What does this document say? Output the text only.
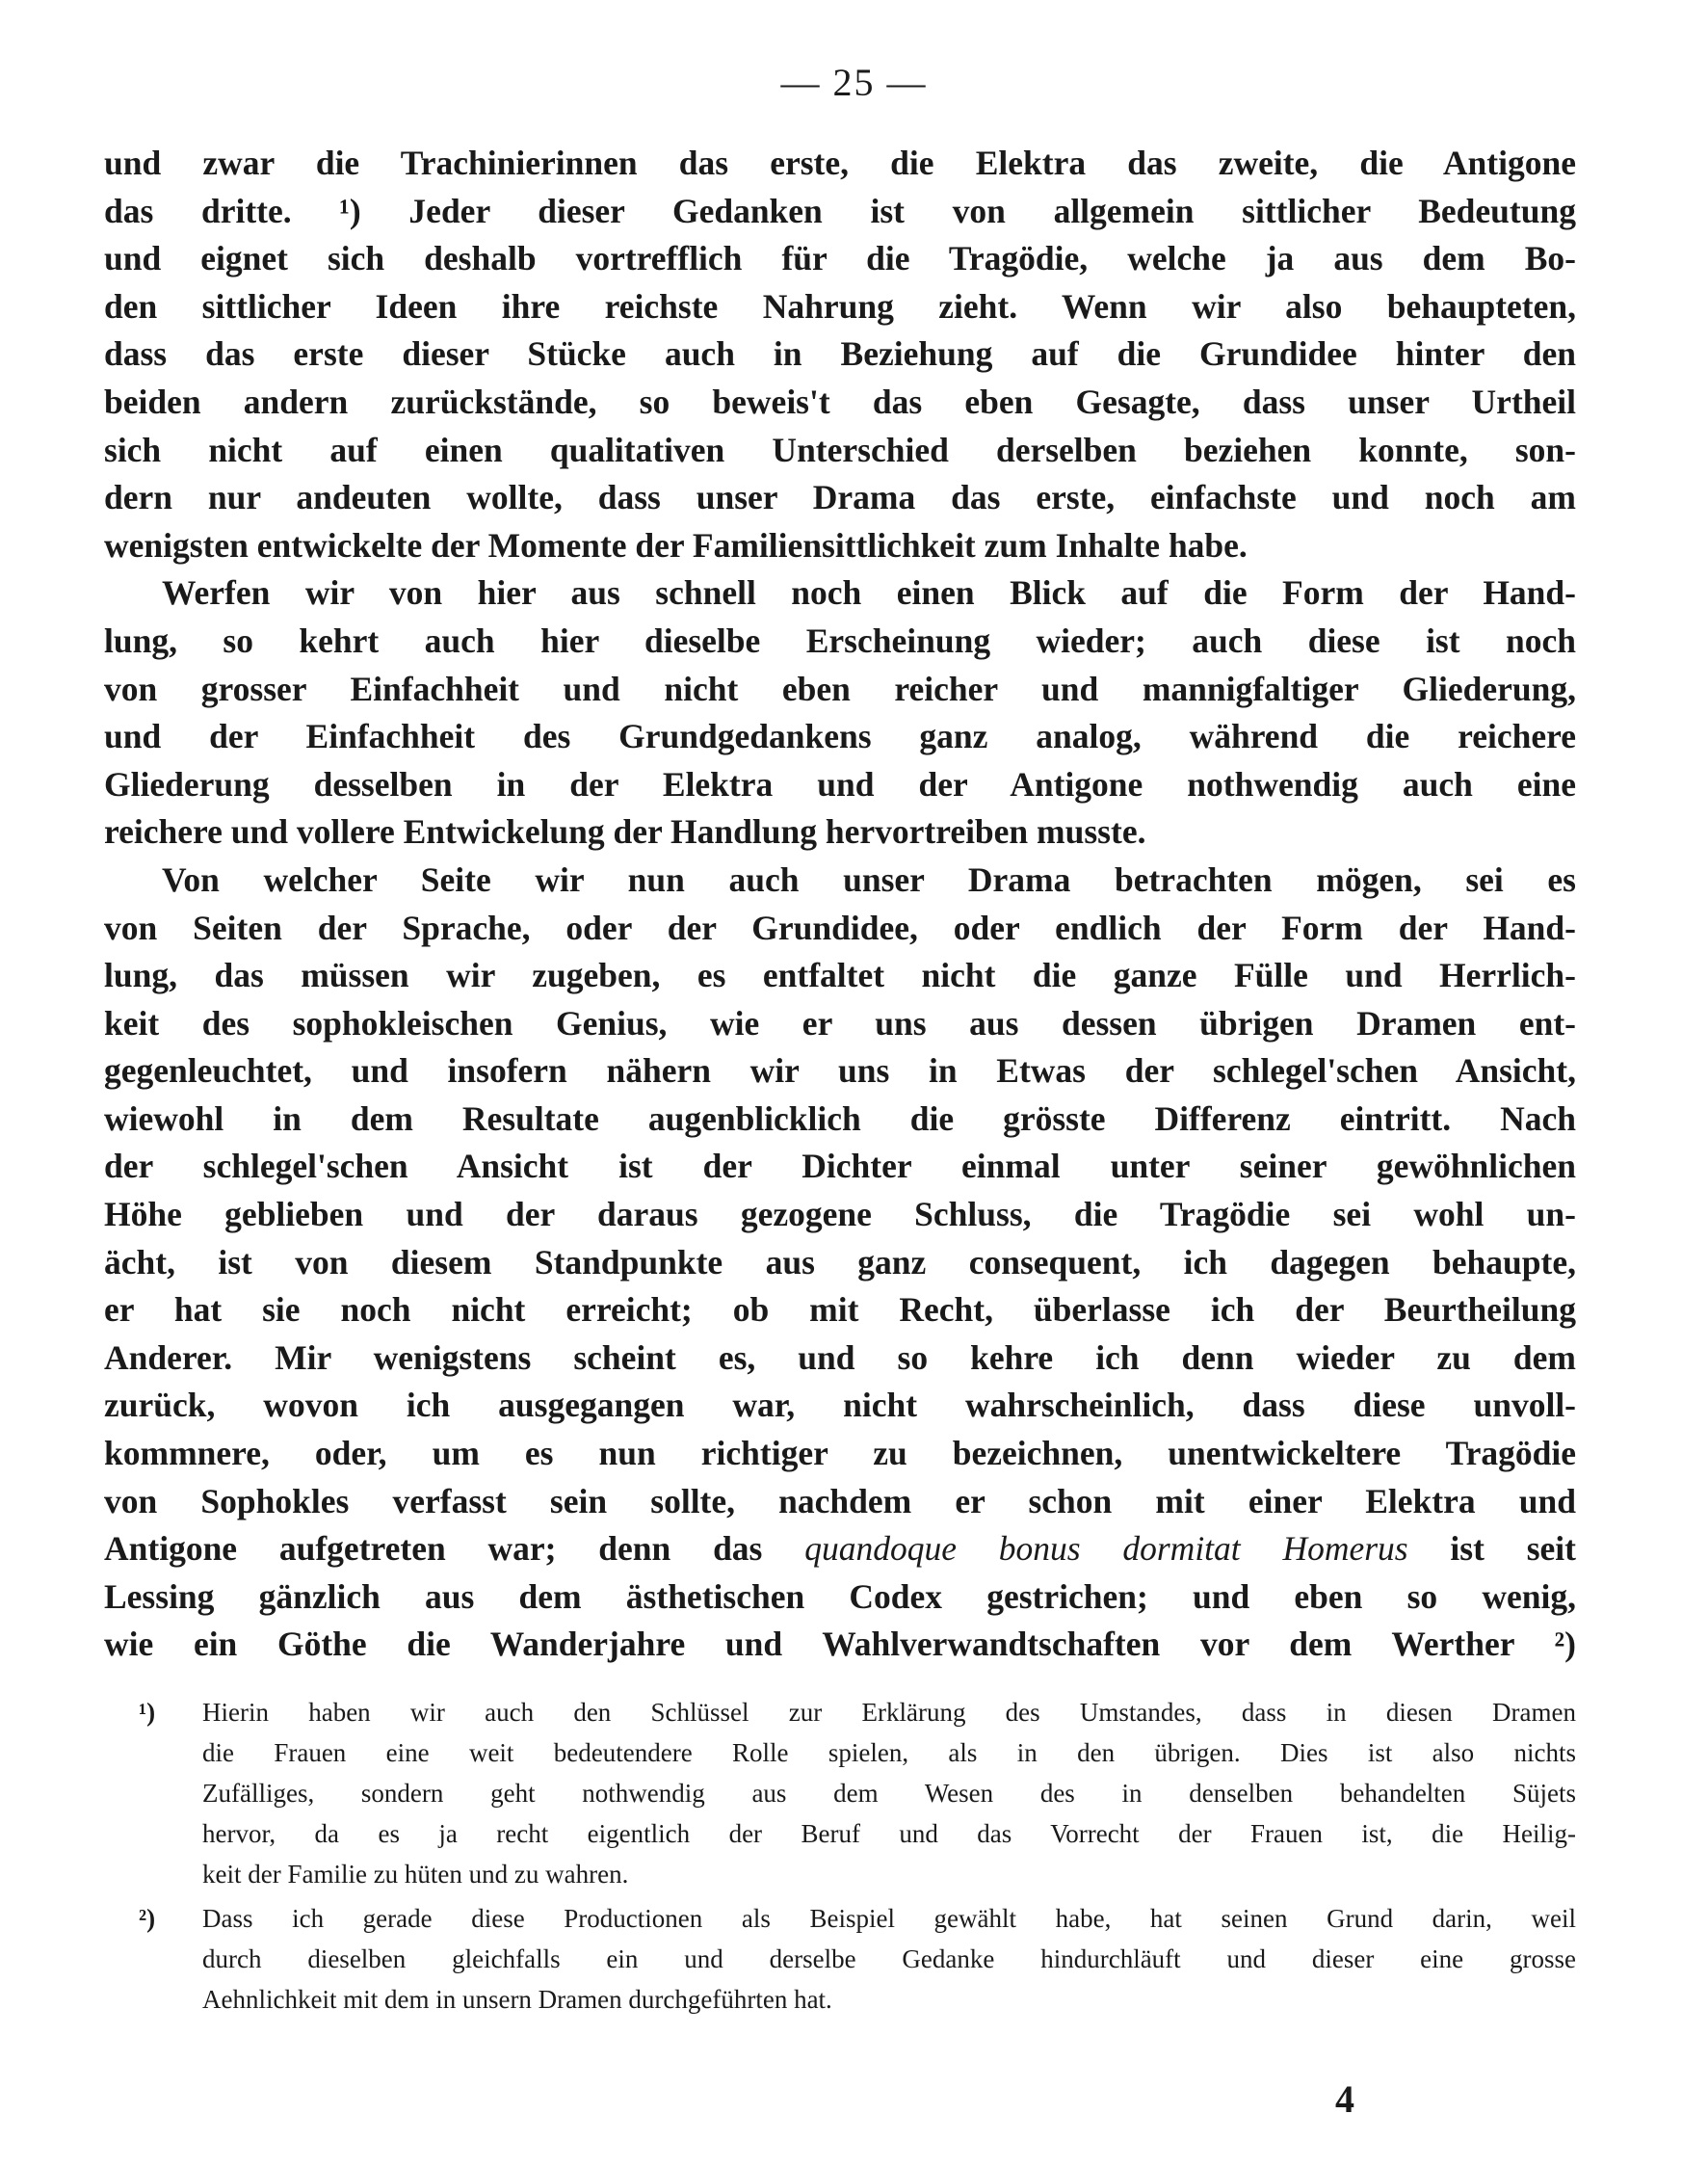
— 25 —
und zwar die Trachinierinnen das erste, die Elektra das zweite, die Antigone
das dritte. ¹) Jeder dieser Gedanken ist von allgemein sittlicher Bedeutung
und eignet sich deshalb vortrefflich für die Tragödie, welche ja aus dem Bo-
den sittlicher Ideen ihre reichste Nahrung zieht. Wenn wir also behaupteten,
dass das erste dieser Stücke auch in Beziehung auf die Grundidee hinter den
beiden andern zurückstände, so beweis't das eben Gesagte, dass unser Urtheil
sich nicht auf einen qualitativen Unterschied derselben beziehen konnte, son-
dern nur andeuten wollte, dass unser Drama das erste, einfachste und noch am
wenigsten entwickelte der Momente der Familiensittlichkeit zum Inhalte habe.
Werfen wir von hier aus schnell noch einen Blick auf die Form der Hand-
lung, so kehrt auch hier dieselbe Erscheinung wieder; auch diese ist noch
von grosser Einfachheit und nicht eben reicher und mannigfaltiger Gliederung,
und der Einfachheit des Grundgedankens ganz analog, während die reichere
Gliederung desselben in der Elektra und der Antigone nothwendig auch eine
reichere und vollere Entwickelung der Handlung hervortreiben musste.
Von welcher Seite wir nun auch unser Drama betrachten mögen, sei es
von Seiten der Sprache, oder der Grundidee, oder endlich der Form der Hand-
lung, das müssen wir zugeben, es entfaltet nicht die ganze Fülle und Herrlich-
keit des sophokleischen Genius, wie er uns aus dessen übrigen Dramen ent-
gegenleuchtet, und insofern nähern wir uns in Etwas der schlegel'schen Ansicht,
wiewohl in dem Resultate augenblicklich die grösste Differenz eintritt. Nach
der schlegel'schen Ansicht ist der Dichter einmal unter seiner gewöhnlichen
Höhe geblieben und der daraus gezogene Schluss, die Tragödie sei wohl un-
ächt, ist von diesem Standpunkte aus ganz consequent, ich dagegen behaupte,
er hat sie noch nicht erreicht; ob mit Recht, überlasse ich der Beurtheilung
Anderer. Mir wenigstens scheint es, und so kehre ich denn wieder zu dem
zurück, wovon ich ausgegangen war, nicht wahrscheinlich, dass diese unvoll-
kommnere, oder, um es nun richtiger zu bezeichnen, unentwickeltere Tragödie
von Sophokles verfasst sein sollte, nachdem er schon mit einer Elektra und
Antigone aufgetreten war; denn das quandoque bonus dormitat Homerus ist seit
Lessing gänzlich aus dem ästhetischen Codex gestrichen; und eben so wenig,
wie ein Göthe die Wanderjahre und Wahlverwandtschaften vor dem Werther ²)
¹) Hierin haben wir auch den Schlüssel zur Erklärung des Umstandes, dass in diesen Dramen
die Frauen eine weit bedeutendere Rolle spielen, als in den übrigen. Dies ist also nichts
Zufälliges, sondern geht nothwendig aus dem Wesen des in denselben behandelten Süjets
hervor, da es ja recht eigentlich der Beruf und das Vorrecht der Frauen ist, die Heilig-
keit der Familie zu hüten und zu wahren.
²) Dass ich gerade diese Productionen als Beispiel gewählt habe, hat seinen Grund darin, weil
durch dieselben gleichfalls ein und derselbe Gedanke hindurchläuft und dieser eine grosse
Aehnlichkeit mit dem in unsern Dramen durchgeführten hat.
4
